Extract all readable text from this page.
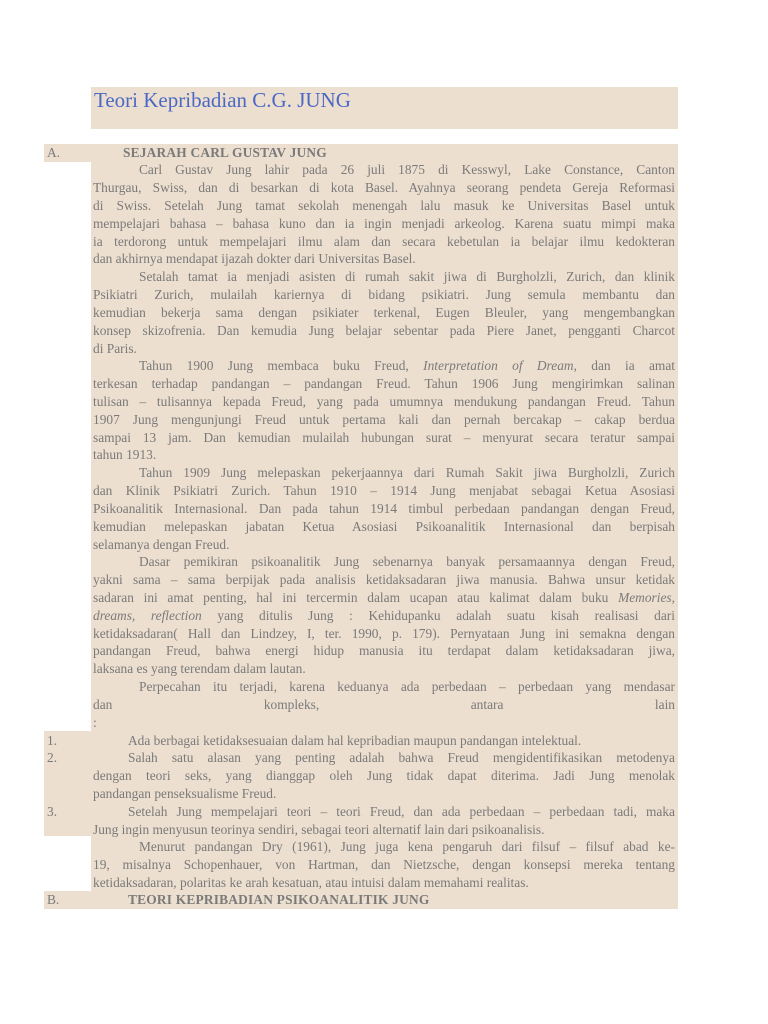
Teori Kepribadian C.G. JUNG
A.	SEJARAH CARL GUSTAV JUNG
Carl Gustav Jung lahir pada 26 juli 1875 di Kesswyl, Lake Constance, Canton
Thurgau, Swiss, dan di besarkan di kota Basel. Ayahnya seorang pendeta Gereja Reformasi
di Swiss. Setelah Jung tamat sekolah menengah lalu masuk ke Universitas Basel untuk
mempelajari bahasa – bahasa kuno dan ia ingin menjadi arkeolog. Karena suatu mimpi maka
ia terdorong untuk mempelajari ilmu alam dan secara kebetulan ia belajar ilmu kedokteran
dan akhirnya mendapat ijazah dokter dari Universitas Basel.
Setalah tamat ia menjadi asisten di rumah sakit jiwa di Burgholzli, Zurich, dan klinik
Psikiatri Zurich, mulailah kariernya di bidang psikiatri. Jung semula membantu dan
kemudian bekerja sama dengan psikiater terkenal, Eugen Bleuler, yang mengembangkan
konsep skizofrenia. Dan kemudia Jung belajar sebentar pada Piere Janet, pengganti Charcot
di Paris.
Tahun 1900 Jung membaca buku Freud, Interpretation of Dream, dan ia amat
terkesan terhadap pandangan – pandangan Freud. Tahun 1906 Jung mengirimkan salinan
tulisan – tulisannya kepada Freud, yang pada umumnya mendukung pandangan Freud. Tahun
1907 Jung mengunjungi Freud untuk pertama kali dan pernah bercakap – cakap berdua
sampai 13 jam. Dan kemudian mulailah hubungan surat – menyurat secara teratur sampai
tahun 1913.
Tahun 1909 Jung melepaskan pekerjaannya dari Rumah Sakit jiwa Burgholzli, Zurich
dan Klinik Psikiatri Zurich. Tahun 1910 – 1914 Jung menjabat sebagai Ketua Asosiasi
Psikoanalitik Internasional. Dan pada tahun 1914 timbul perbedaan pandangan dengan Freud,
kemudian melepaskan jabatan Ketua Asosiasi Psikoanalitik Internasional dan berpisah
selamanya dengan Freud.
Dasar pemikiran psikoanalitik Jung sebenarnya banyak persamaannya dengan Freud,
yakni sama – sama berpijak pada analisis ketidaksadaran jiwa manusia. Bahwa unsur ketidak
sadaran ini amat penting, hal ini tercermin dalam ucapan atau kalimat dalam buku Memories,
dreams, reflection yang ditulis Jung : Kehidupanku adalah suatu kisah realisasi dari
ketidaksadaran( Hall dan Lindzey, I, ter. 1990, p. 179). Pernyataan Jung ini semakna dengan
pandangan Freud, bahwa energi hidup manusia itu terdapat dalam ketidaksadaran jiwa,
laksana es yang terendam dalam lautan.
Perpecahan itu terjadi, karena keduanya ada perbedaan – perbedaan yang mendasar
dan kompleks, antara lain
:
1.	Ada berbagai ketidaksesuaian dalam hal kepribadian maupun pandangan intelektual.
2.	Salah satu alasan yang penting adalah bahwa Freud mengidentifikasikan metodenya
dengan teori seks, yang dianggap oleh Jung tidak dapat diterima. Jadi Jung menolak
pandangan penseksualisme Freud.
3.	Setelah Jung mempelajari teori – teori Freud, dan ada perbedaan – perbedaan tadi, maka
Jung ingin menyusun teorinya sendiri, sebagai teori alternatif lain dari psikoanalisis.
Menurut pandangan Dry (1961), Jung juga kena pengaruh dari filsuf – filsuf abad ke-
19, misalnya Schopenhauer, von Hartman, dan Nietzsche, dengan konsepsi mereka tentang
ketidaksadaran, polaritas ke arah kesatuan, atau intuisi dalam memahami realitas.
B.	TEORI KEPRIBADIAN PSIKOANALITIK JUNG
